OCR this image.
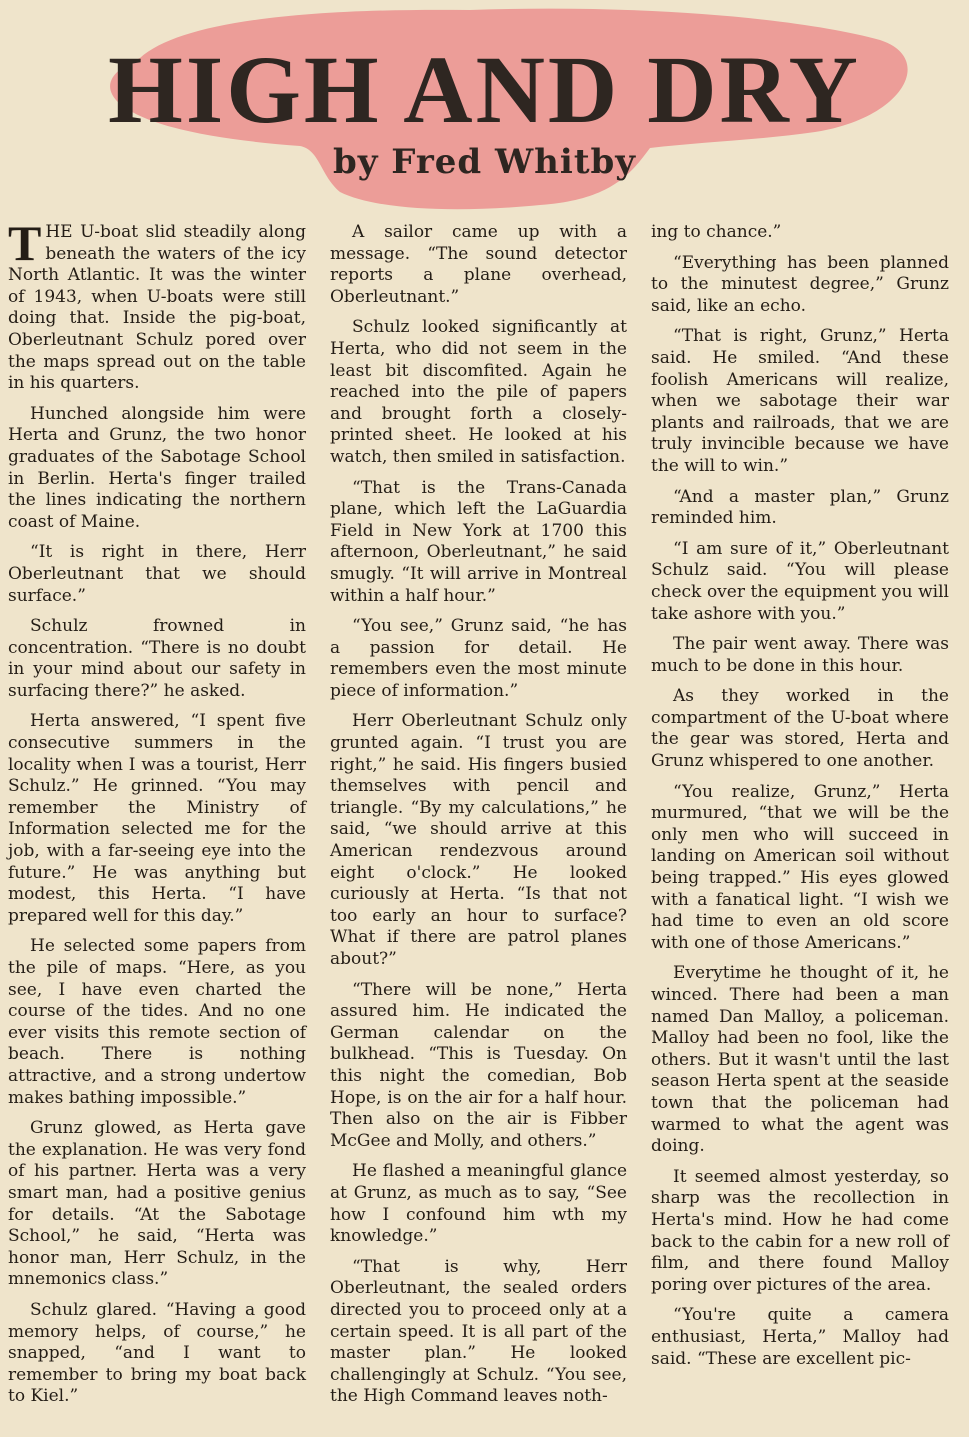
HIGH AND DRY
by Fred Whitby

THE U-boat slid steadily along beneath the waters of the icy North Atlantic. It was the winter of 1943, when U-boats were still doing that. Inside the pig-boat, Oberleutnant Schulz pored over the maps spread out on the table in his quarters.

Hunched alongside him were Herta and Grunz, the two honor graduates of the Sabotage School in Berlin. Herta's finger trailed the lines indicating the northern coast of Maine.

“It is right in there, Herr Oberleutnant that we should surface.”

Schulz frowned in concentration. “There is no doubt in your mind about our safety in surfacing there?” he asked.

Herta answered, “I spent five consecutive summers in the locality when I was a tourist, Herr Schulz.” He grinned. “You may remember the Ministry of Information selected me for the job, with a far-seeing eye into the future.” He was anything but modest, this Herta. “I have prepared well for this day.”

He selected some papers from the pile of maps. “Here, as you see, I have even charted the course of the tides. And no one ever visits this remote section of beach. There is nothing attractive, and a strong undertow makes bathing impossible.”

Grunz glowed, as Herta gave the explanation. He was very fond of his partner. Herta was a very smart man, had a positive genius for details. “At the Sabotage School,” he said, “Herta was honor man, Herr Schulz, in the mnemonics class.”

Schulz glared. “Having a good memory helps, of course,” he snapped, “and I want to remember to bring my boat back to Kiel.”

A sailor came up with a message. “The sound detector reports a plane overhead, Oberleutnant.”

Schulz looked significantly at Herta, who did not seem in the least bit discomfited. Again he reached into the pile of papers and brought forth a closely-printed sheet. He looked at his watch, then smiled in satisfaction.

“That is the Trans-Canada plane, which left the LaGuardia Field in New York at 1700 this afternoon, Oberleutnant,” he said smugly. “It will arrive in Montreal within a half hour.”

“You see,” Grunz said, “he has a passion for detail. He remembers even the most minute piece of information.”

Herr Oberleutnant Schulz only grunted again. “I trust you are right,” he said. His fingers busied themselves with pencil and triangle. “By my calculations,” he said, “we should arrive at this American rendezvous around eight o'clock.” He looked curiously at Herta. “Is that not too early an hour to surface? What if there are patrol planes about?”

“There will be none,” Herta assured him. He indicated the German calendar on the bulkhead. “This is Tuesday. On this night the comedian, Bob Hope, is on the air for a half hour. Then also on the air is Fibber McGee and Molly, and others.”

He flashed a meaningful glance at Grunz, as much as to say, “See how I confound him wth my knowledge.”

“That is why, Herr Oberleutnant, the sealed orders directed you to proceed only at a certain speed. It is all part of the master plan.” He looked challengingly at Schulz. “You see, the High Command leaves noth-

ing to chance.”

“Everything has been planned to the minutest degree,” Grunz said, like an echo.

“That is right, Grunz,” Herta said. He smiled. “And these foolish Americans will realize, when we sabotage their war plants and railroads, that we are truly invincible because we have the will to win.”

“And a master plan,” Grunz reminded him.

“I am sure of it,” Oberleutnant Schulz said. “You will please check over the equipment you will take ashore with you.”

The pair went away. There was much to be done in this hour.

As they worked in the compartment of the U-boat where the gear was stored, Herta and Grunz whispered to one another.

“You realize, Grunz,” Herta murmured, “that we will be the only men who will succeed in landing on American soil without being trapped.” His eyes glowed with a fanatical light. “I wish we had time to even an old score with one of those Americans.”

Everytime he thought of it, he winced. There had been a man named Dan Malloy, a policeman. Malloy had been no fool, like the others. But it wasn't until the last season Herta spent at the seaside town that the policeman had warmed to what the agent was doing.

It seemed almost yesterday, so sharp was the recollection in Herta's mind. How he had come back to the cabin for a new roll of film, and there found Malloy poring over pictures of the area.

“You're quite a camera enthusiast, Herta,” Malloy had said. “These are excellent pic-
